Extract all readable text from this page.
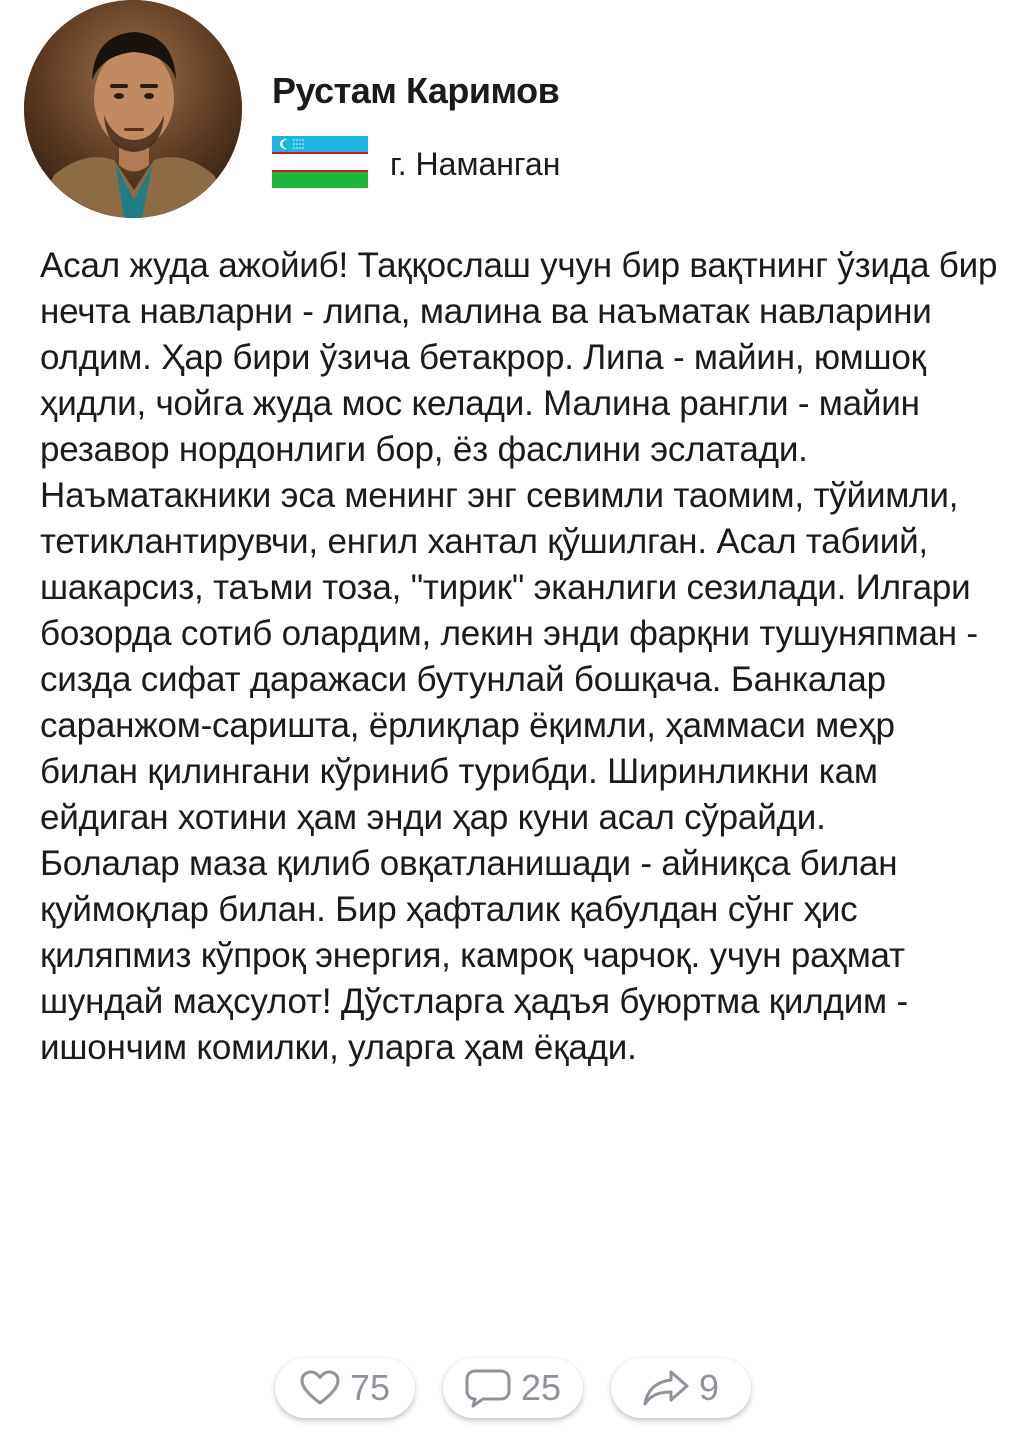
Рустам Каримов
г. Наманган

Асал жуда ажойиб! Таққослаш учун бир вақтнинг ўзида бир нечта навларни - липа, малина ва наъматак навларини олдим. Ҳар бири ўзича бетакрор. Липа - майин, юмшоқ ҳидли, чойга жуда мос келади. Малина рангли - майин резавор нордонлиги бор, ёз фаслини эслатади. Наъматакники эса менинг энг севимли таомим, тўйимли, тетиклантирувчи, енгил хантал қўшилган. Асал табиий, шакарсиз, таъми тоза, "тирик" эканлиги сезилади. Илгари бозорда сотиб олардим, лекин энди фарқни тушуняпман - сизда сифат даражаси бутунлай бошқача. Банкалар саранжом-саришта, ёрлиқлар ёқимли, ҳаммаси меҳр билан қилингани кўриниб турибди. Ширинликни кам ейдиган хотини ҳам энди ҳар куни асал сўрайди.

Болалар маза қилиб овқатланишади - айниқса билан қуймоқлар билан. Бир ҳафталик қабулдан сўнг ҳис қиляпмиз кўпроқ энергия, камроқ чарчоқ. учун раҳмат шундай маҳсулот! Дўстларга ҳадъя буюртма қилдим - ишончим комилки, уларга ҳам ёқади.

75	25	9
